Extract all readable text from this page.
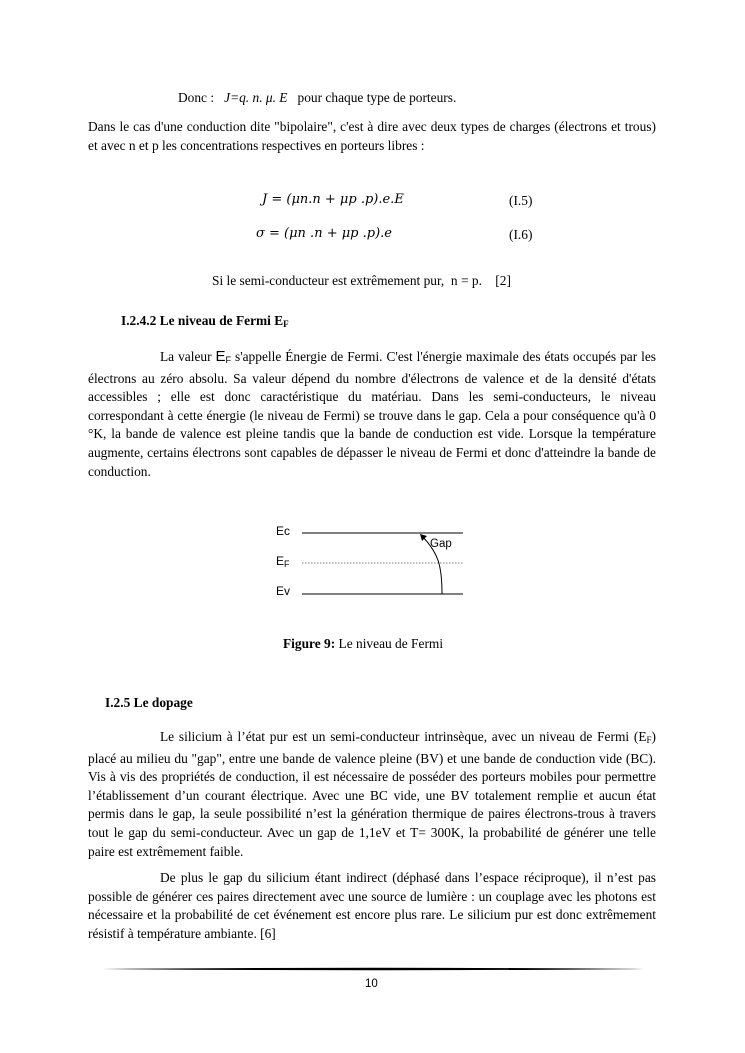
Donc : J=q. n. μ. E pour chaque type de porteurs.

Dans le cas d'une conduction dite "bipolaire", c'est à dire avec deux types de charges (électrons et trous) et avec n et p les concentrations respectives en porteurs libres :

J = (μn.n + μp .p).e.E	(I.5)
σ = (μn .n + μp .p).e	(I.6)
Si le semi-conducteur est extrêmement pur,  n = p.    [2]
I.2.4.2 Le niveau de Fermi $E_F$

La valeur $E_F$ s'appelle Énergie de Fermi. C'est l'énergie maximale des états occupés par les électrons au zéro absolu. Sa valeur dépend du nombre d'électrons de valence et de la densité d'états accessibles ; elle est donc caractéristique du matériau. Dans les semi-conducteurs, le niveau correspondant à cette énergie (le niveau de Fermi) se trouve dans le gap. Cela a pour conséquence qu'à 0 °K, la bande de valence est pleine tandis que la bande de conduction est vide. Lorsque la température augmente, certains électrons sont capables de dépasser le niveau de Fermi et donc d'atteindre la bande de conduction.

Ec
$E_F$
Ev
Gap
Figure 9: Le niveau de Fermi
I.2.5 Le dopage

Le silicium à l’état pur est un semi-conducteur intrinsèque, avec un niveau de Fermi $(E_F)$ placé au milieu du "gap", entre une bande de valence pleine (BV) et une bande de conduction vide (BC). Vis à vis des propriétés de conduction, il est nécessaire de posséder des porteurs mobiles pour permettre l’établissement d’un courant électrique. Avec une BC vide, une BV totalement remplie et aucun état permis dans le gap, la seule possibilité n’est la génération thermique de paires électrons-trous à travers tout le gap du semi-conducteur. Avec un gap de 1,1eV et T= 300K, la probabilité de générer une telle paire est extrêmement faible.

De plus le gap du silicium étant indirect (déphasé dans l’espace réciproque), il n’est pas possible de générer ces paires directement avec une source de lumière : un couplage avec les photons est nécessaire et la probabilité de cet événement est encore plus rare. Le silicium pur est donc extrêmement résistif à température ambiante. [6]

10
